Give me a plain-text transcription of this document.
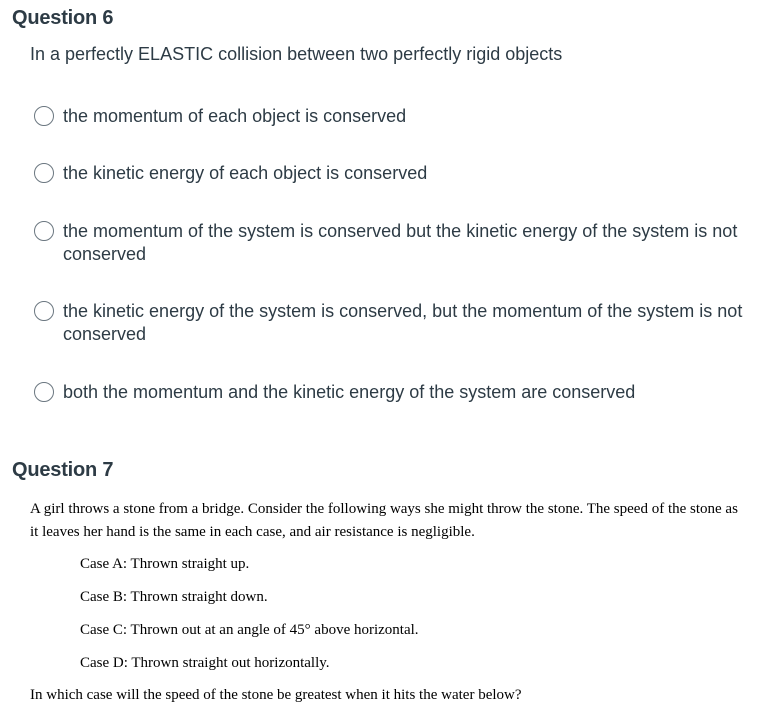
Question 6
In a perfectly ELASTIC collision between two perfectly rigid objects
the momentum of each object is conserved
the kinetic energy of each object is conserved
the momentum of the system is conserved but the kinetic energy of the system is not conserved
the kinetic energy of the system is conserved, but the momentum of the system is not conserved
both the momentum and the kinetic energy of the system are conserved
Question 7
A girl throws a stone from a bridge. Consider the following ways she might throw the stone. The speed of the stone as it leaves her hand is the same in each case, and air resistance is negligible.
Case A: Thrown straight up.
Case B: Thrown straight down.
Case C: Thrown out at an angle of 45° above horizontal.
Case D: Thrown straight out horizontally.
In which case will the speed of the stone be greatest when it hits the water below?
